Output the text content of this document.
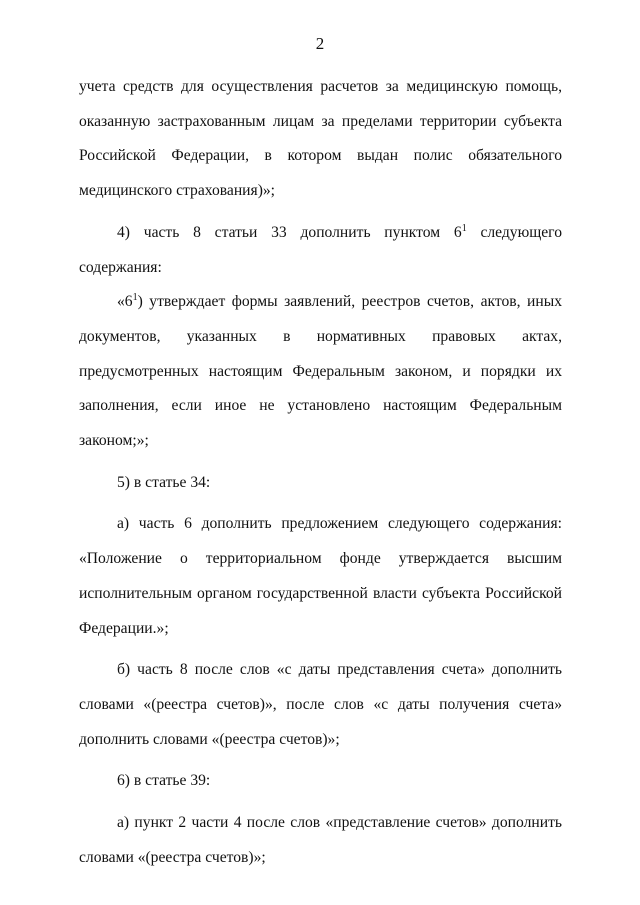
2

учета средств для осуществления расчетов за медицинскую помощь, оказанную застрахованным лицам за пределами территории субъекта Российской Федерации, в котором выдан полис обязательного медицинского страхования)»;

4) часть 8 статьи 33 дополнить пунктом $6^1$ следующего содержания:

«$6^1$) утверждает формы заявлений, реестров счетов, актов, иных документов, указанных в нормативных правовых актах, предусмотренных настоящим Федеральным законом, и порядки их заполнения, если иное не установлено настоящим Федеральным законом;»;

5) в статье 34:

а) часть 6 дополнить предложением следующего содержания: «Положение о территориальном фонде утверждается высшим исполнительным органом государственной власти субъекта Российской Федерации.»;

б) часть 8 после слов «с даты представления счета» дополнить словами «(реестра счетов)», после слов «с даты получения счета» дополнить словами «(реестра счетов)»;

6) в статье 39:

а) пункт 2 части 4 после слов «представление счетов» дополнить словами «(реестра счетов)»;
